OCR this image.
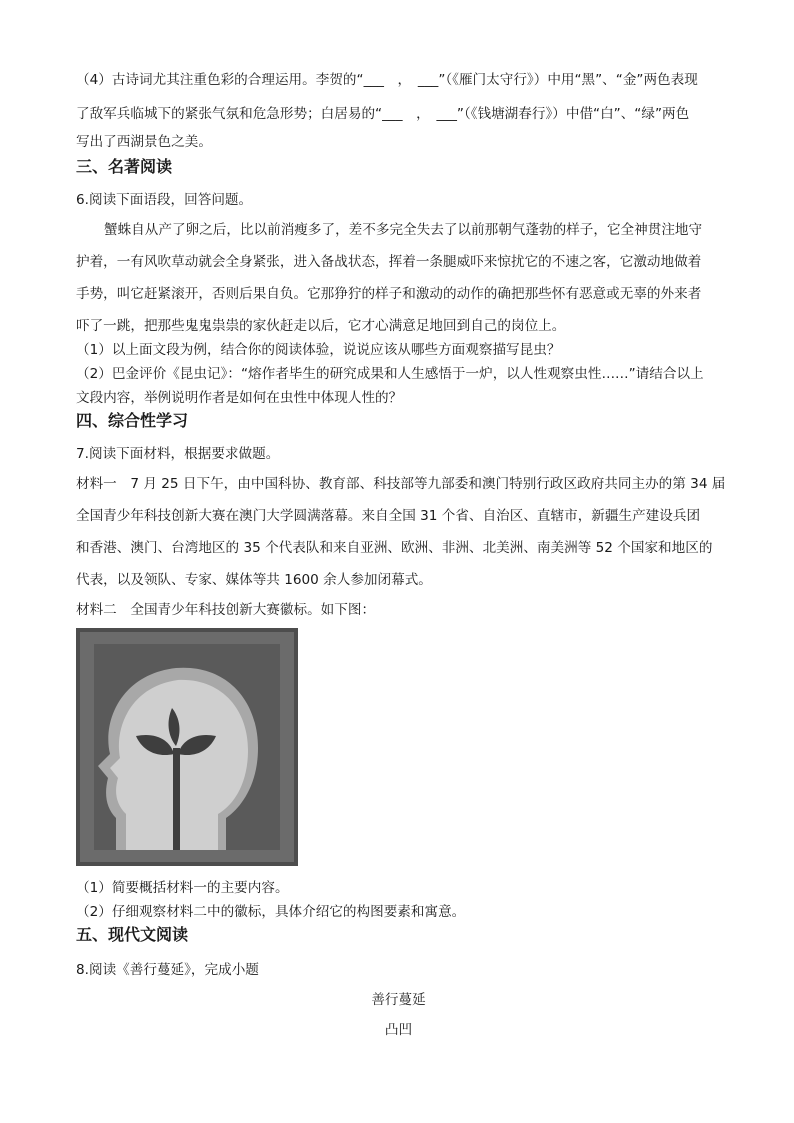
（4）古诗词尤其注重色彩的合理运用。李贺的“___　，　___”（《雁门太守行》）中用“黑”、“金”两色表现
了敌军兵临城下的紧张气氛和危急形势；白居易的“___　，　___”（《钱塘湖春行》）中借“白”、“绿”两色
写出了西湖景色之美。
三、名著阅读
6.阅读下面语段，回答问题。
蟹蛛自从产了卵之后，比以前消瘦多了，差不多完全失去了以前那朝气蓬勃的样子，它全神贯注地守
护着，一有风吹草动就会全身紧张，进入备战状态，挥着一条腿威吓来惊扰它的不速之客，它激动地做着
手势，叫它赶紧滚开，否则后果自负。它那狰狞的样子和激动的动作的确把那些怀有恶意或无辜的外来者
吓了一跳，把那些鬼鬼祟祟的家伙赶走以后，它才心满意足地回到自己的岗位上。
（1）以上面文段为例，结合你的阅读体验，说说应该从哪些方面观察描写昆虫？
（2）巴金评价《昆虫记》：“熔作者毕生的研究成果和人生感悟于一炉，以人性观察虫性……”请结合以上
文段内容，举例说明作者是如何在虫性中体现人性的？
四、综合性学习
7.阅读下面材料，根据要求做题。
材料一　7 月 25 日下午，由中国科协、教育部、科技部等九部委和澳门特别行政区政府共同主办的第 34 届
全国青少年科技创新大赛在澳门大学圆满落幕。来自全国 31 个省、自治区、直辖市，新疆生产建设兵团
和香港、澳门、台湾地区的 35 个代表队和来自亚洲、欧洲、非洲、北美洲、南美洲等 52 个国家和地区的
代表，以及领队、专家、媒体等共 1600 余人参加闭幕式。
材料二　全国青少年科技创新大赛徽标。如下图：
（1）简要概括材料一的主要内容。
（2）仔细观察材料二中的徽标，具体介绍它的构图要素和寓意。
五、现代文阅读
8.阅读《善行蔓延》，完成小题
善行蔓延
凸凹
